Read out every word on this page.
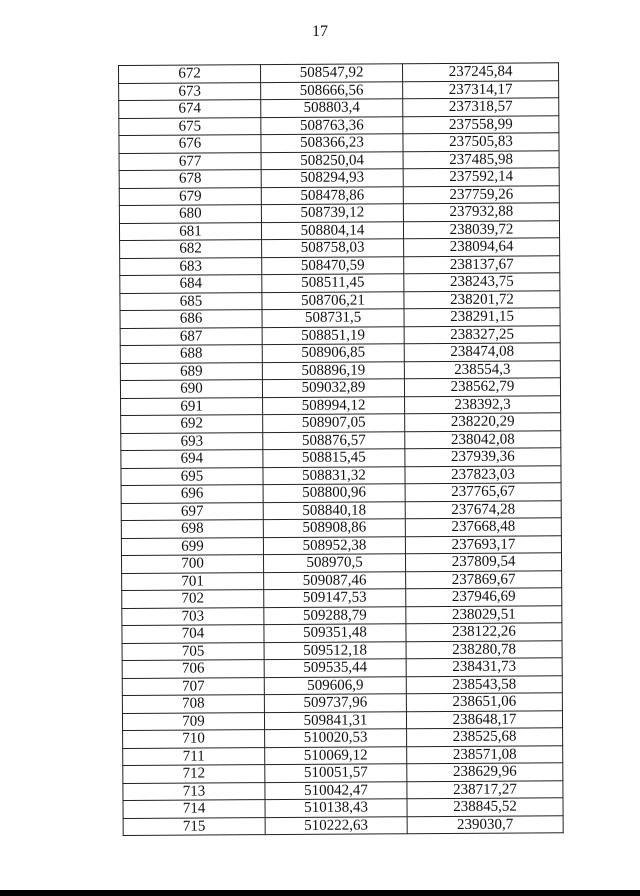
17
672	508547,92	237245,84
673	508666,56	237314,17
674	508803,4	237318,57
675	508763,36	237558,99
676	508366,23	237505,83
677	508250,04	237485,98
678	508294,93	237592,14
679	508478,86	237759,26
680	508739,12	237932,88
681	508804,14	238039,72
682	508758,03	238094,64
683	508470,59	238137,67
684	508511,45	238243,75
685	508706,21	238201,72
686	508731,5	238291,15
687	508851,19	238327,25
688	508906,85	238474,08
689	508896,19	238554,3
690	509032,89	238562,79
691	508994,12	238392,3
692	508907,05	238220,29
693	508876,57	238042,08
694	508815,45	237939,36
695	508831,32	237823,03
696	508800,96	237765,67
697	508840,18	237674,28
698	508908,86	237668,48
699	508952,38	237693,17
700	508970,5	237809,54
701	509087,46	237869,67
702	509147,53	237946,69
703	509288,79	238029,51
704	509351,48	238122,26
705	509512,18	238280,78
706	509535,44	238431,73
707	509606,9	238543,58
708	509737,96	238651,06
709	509841,31	238648,17
710	510020,53	238525,68
711	510069,12	238571,08
712	510051,57	238629,96
713	510042,47	238717,27
714	510138,43	238845,52
715	510222,63	239030,7
